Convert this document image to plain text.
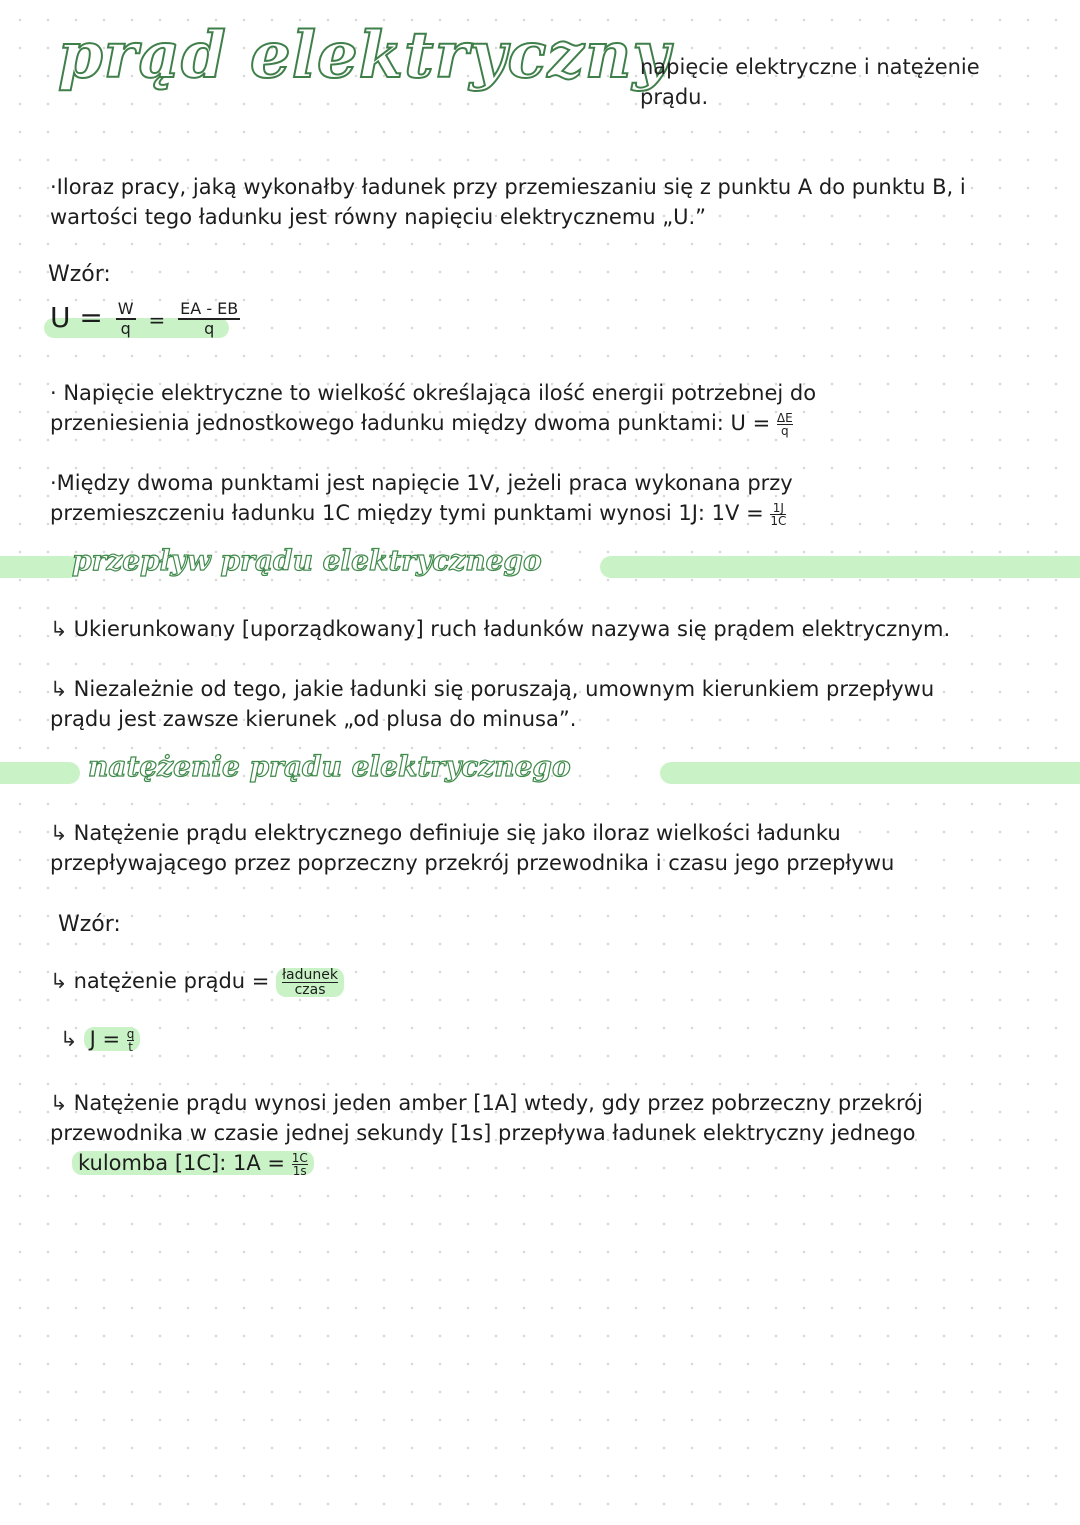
prąd elektryczny
napięcie elektryczne i natężenie prądu.
·Iloraz pracy, jaką wykonałby ładunek przy przemieszaniu się z punktu A do punktu B, i wartości tego ładunku jest równy napięciu elektrycznemu „U.”
Wzór:
$U = \frac{W}{q} = \frac{EA - EB}{q}$
· Napięcie elektryczne to wielkość określająca ilość energii potrzebnej do przeniesienia jednostkowego ładunku między dwoma punktami: $U = \frac{\Delta E}{q}$
·Między dwoma punktami jest napięcie 1V, jeżeli praca wykonana przy przemieszczeniu ładunku 1C między tymi punktami wynosi 1J: $1V = \frac{1J}{1C}$
przepływ prądu elektrycznego
↳ Ukierunkowany [uporządkowany] ruch ładunków nazywa się prądem elektrycznym.
↳ Niezależnie od tego, jakie ładunki się poruszają, umownym kierunkiem przepływu prądu jest zawsze kierunek „od plusa do minusa”.
natężenie prądu elektrycznego
↳ Natężenie prądu elektrycznego definiuje się jako iloraz wielkości ładunku przepływającego przez poprzeczny przekrój przewodnika i czasu jego przepływu
Wzór:
↳ natężenie prądu = $\frac{\text{ładunek}}{\text{czas}}$
↳ $J = \frac{q}{t}$
↳ Natężenie prądu wynosi jeden amber [1A] wtedy, gdy przez pobrzeczny przekrój przewodnika w czasie jednej sekundy [1s] przepływa ładunek elektryczny jednego
kulomba [1C]: $1A = \frac{1C}{1s}$
